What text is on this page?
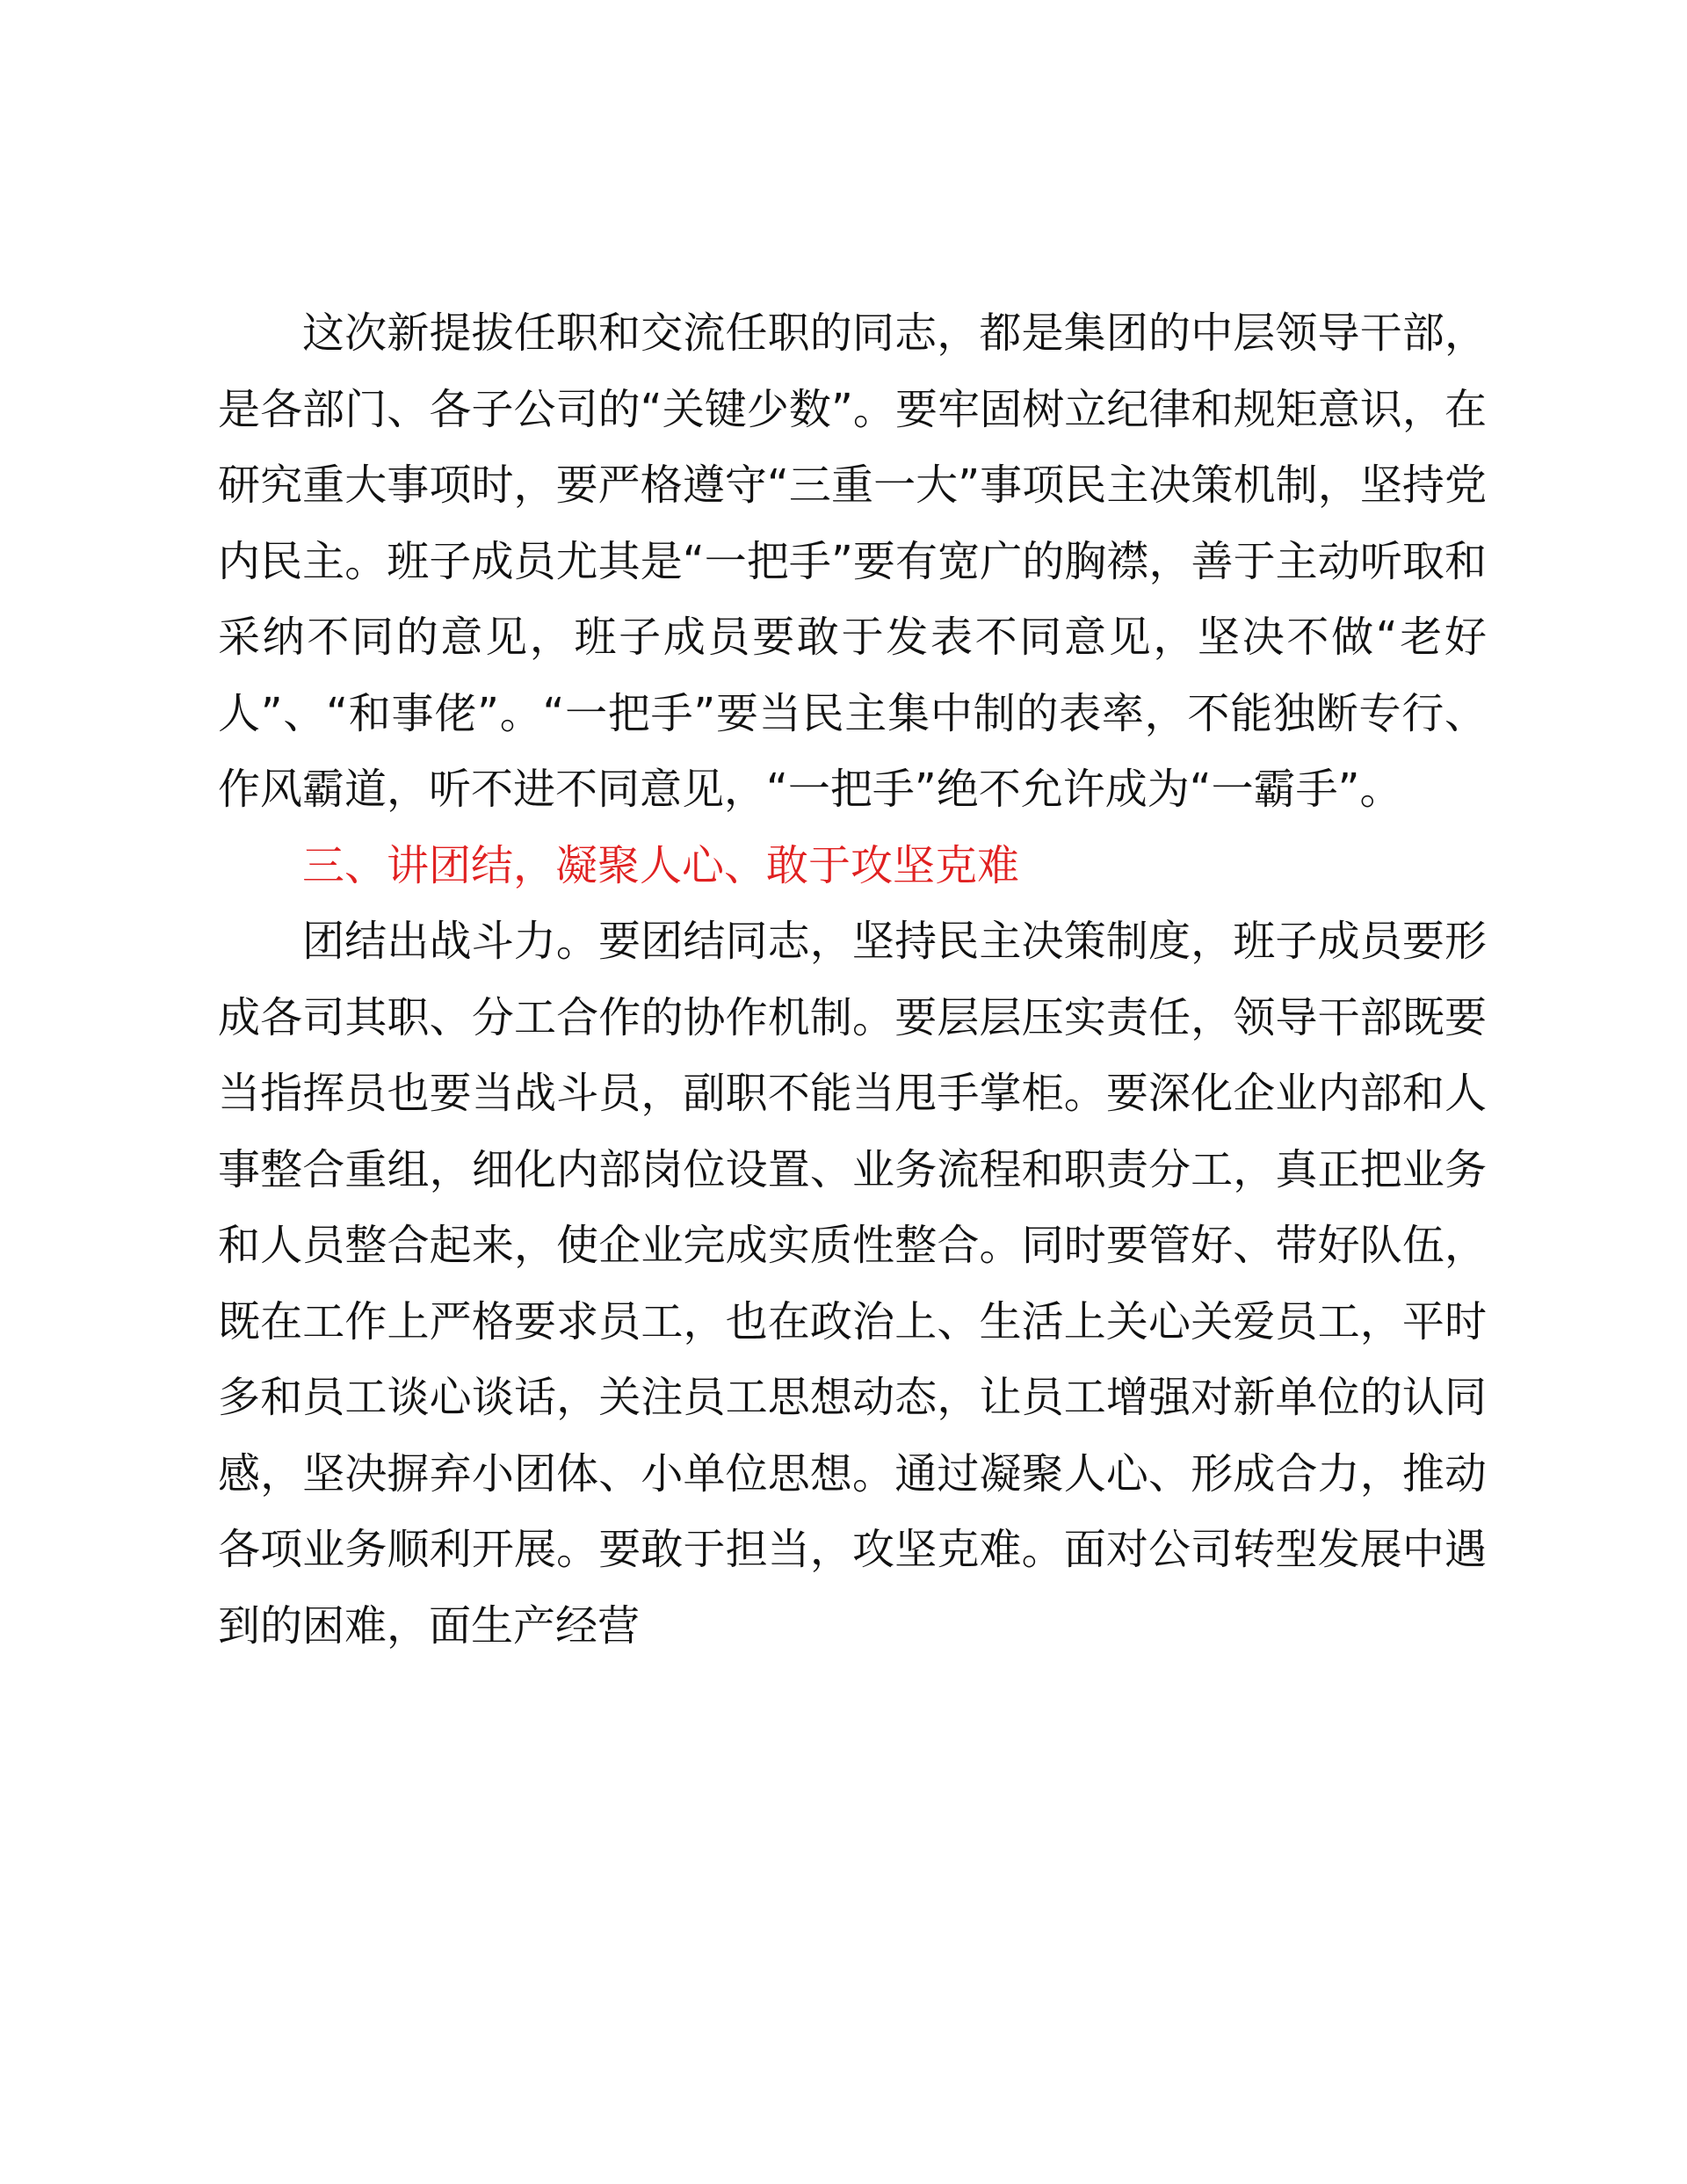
这次新提拔任职和交流任职的同志，都是集团的中层领导干部，是各部门、各子公司的“关键少数”。要牢固树立纪律和规矩意识，在研究重大事项时，要严格遵守“三重一大”事项民主决策机制，坚持党内民主。班子成员尤其是“一把手”要有宽广的胸襟，善于主动听取和采纳不同的意见，班子成员要敢于发表不同意见，坚决不做“老好人”、“和事佬”。“一把手”要当民主集中制的表率，不能独断专行、作风霸道，听不进不同意见，“一把手”绝不允许成为“一霸手”。

三、讲团结，凝聚人心、敢于攻坚克难

团结出战斗力。要团结同志，坚持民主决策制度，班子成员要形成各司其职、分工合作的协作机制。要层层压实责任，领导干部既要当指挥员也要当战斗员，副职不能当甩手掌柜。要深化企业内部和人事整合重组，细化内部岗位设置、业务流程和职责分工，真正把业务和人员整合起来，使企业完成实质性整合。同时要管好、带好队伍，既在工作上严格要求员工，也在政治上、生活上关心关爱员工，平时多和员工谈心谈话，关注员工思想动态，让员工增强对新单位的认同感，坚决摒弃小团体、小单位思想。通过凝聚人心、形成合力，推动各项业务顺利开展。要敢于担当，攻坚克难。面对公司转型发展中遇到的困难，面生产经营
